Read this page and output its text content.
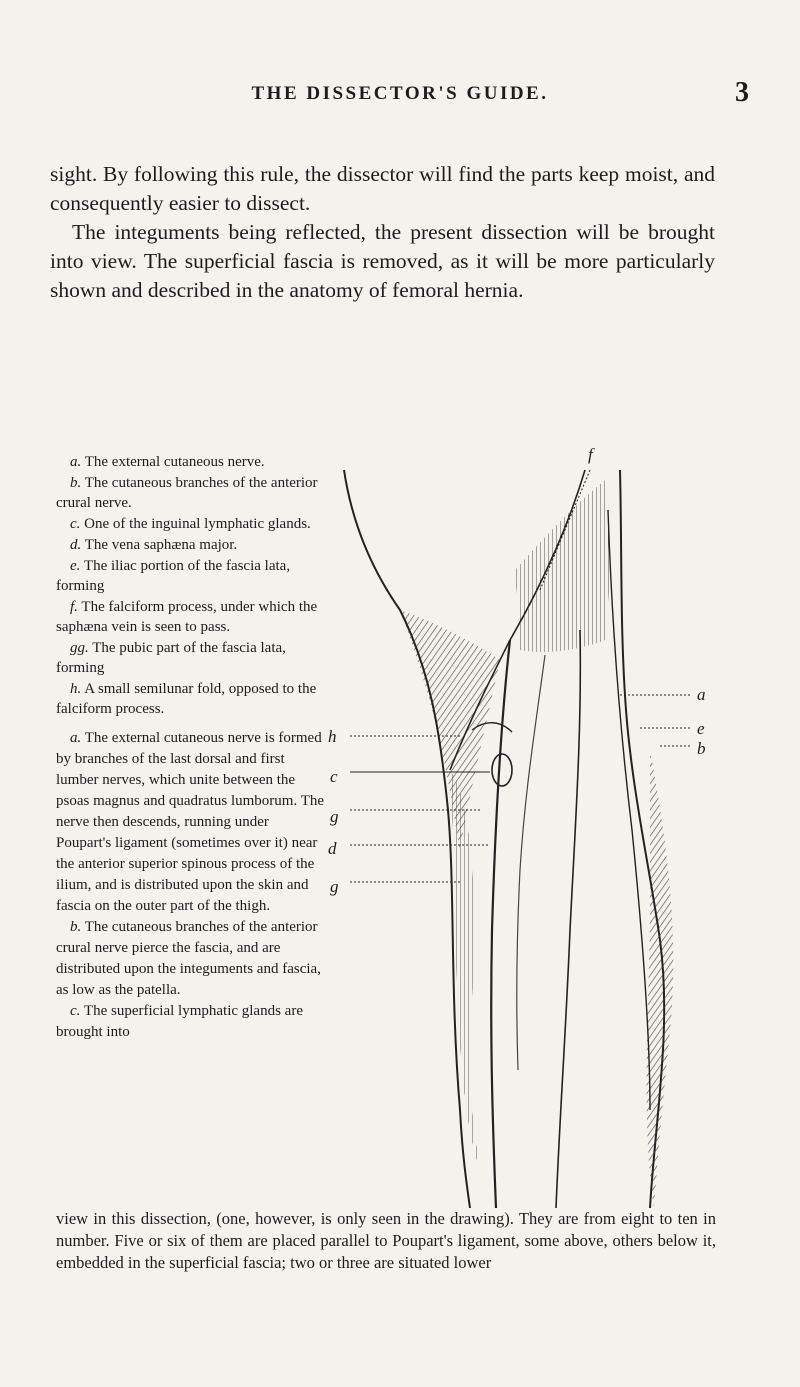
THE DISSECTOR'S GUIDE.	3

sight. By following this rule, the dissector will find the parts keep moist, and consequently easier to dissect.

The integuments being reflected, the present dissection will be brought into view. The superficial fascia is removed, as it will be more particularly shown and described in the anatomy of femoral hernia.

a. The external cutaneous nerve.
b. The cutaneous branches of the anterior crural nerve.
c. One of the inguinal lymphatic glands.
d. The vena saphæna major.
e. The iliac portion of the fascia lata, forming
f. The falciform process, under which the saphæna vein is seen to pass.
gg. The pubic part of the fascia lata, forming
h. A small semilunar fold, opposed to the falciform process.
a. The external cutaneous nerve is formed by branches of the last dorsal and first lumber nerves, which unite between the psoas magnus and quadratus lumborum. The nerve then descends, running under Poupart's ligament (sometimes over it) near the anterior superior spinous process of the ilium, and is distributed upon the skin and fascia on the outer part of the thigh.
b. The cutaneous branches of the anterior crural nerve pierce the fascia, and are distributed upon the integuments and fascia, as low as the patella.
c. The superficial lymphatic glands are brought into
h
c
g
d
g
a
e
b
f
view in this dissection, (one, however, is only seen in the drawing). They are from eight to ten in number. Five or six of them are placed parallel to Poupart's ligament, some above, others below it, embedded in the superficial fascia; two or three are situated lower
